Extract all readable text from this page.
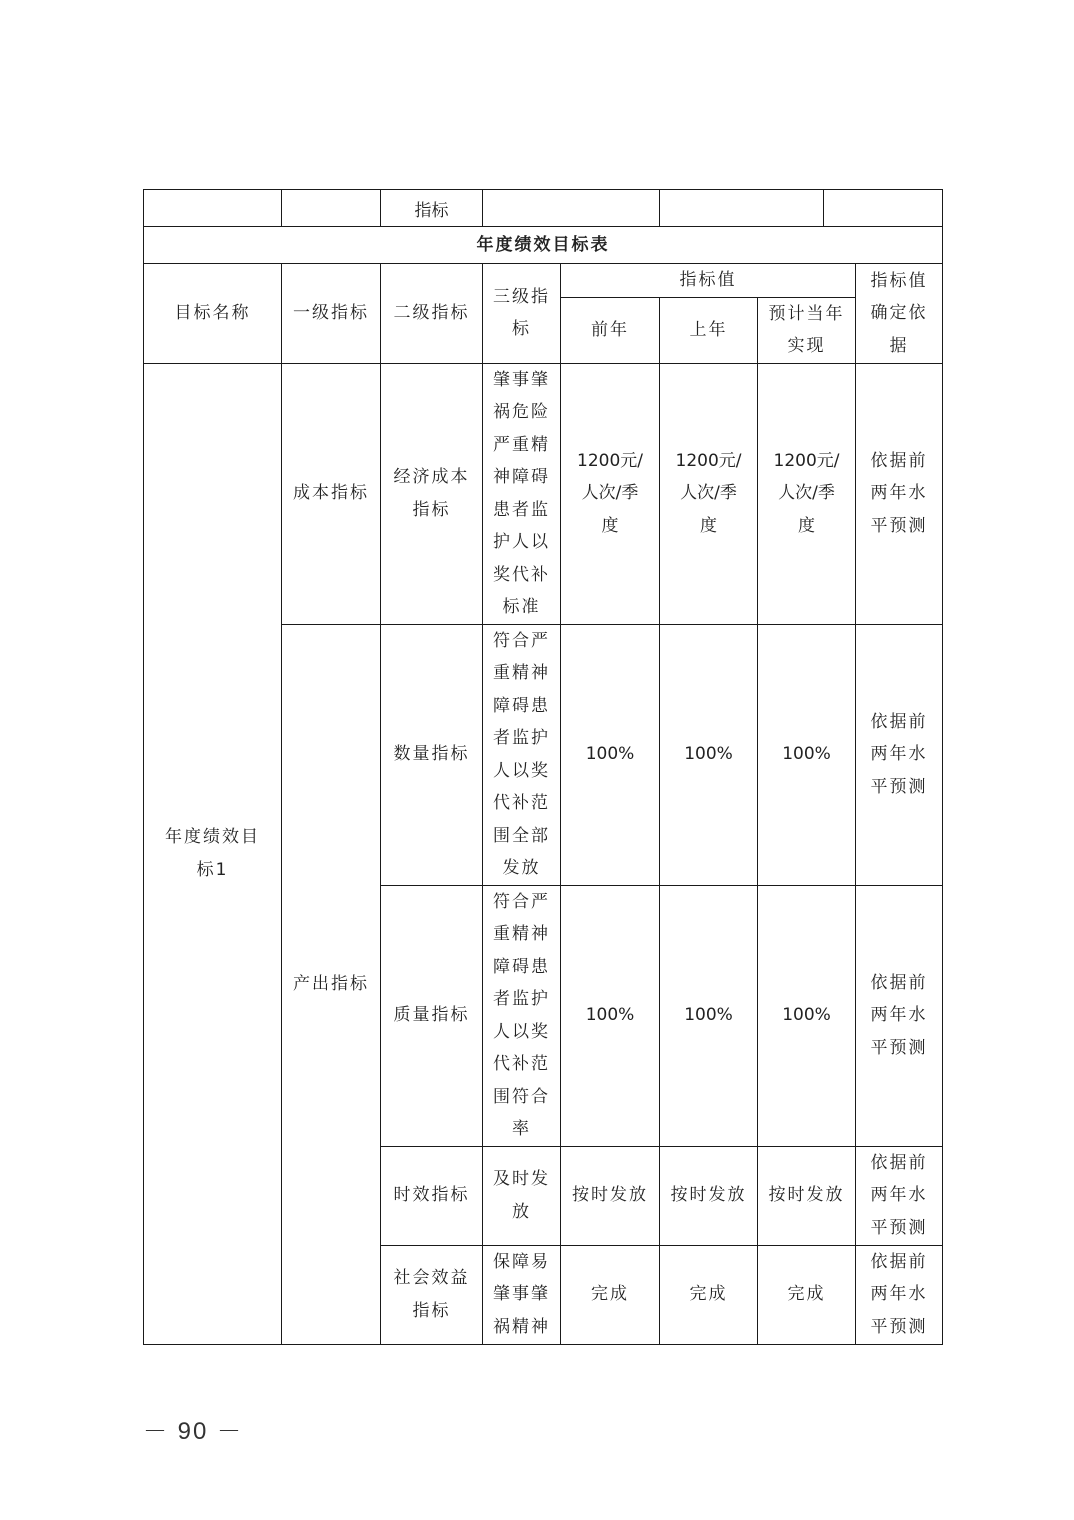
		指标			
年度绩效目标表							
目标名称	一级指标	二级指标	三级指标	指标值			指标值确定依据

				前年	上年	预计当年实现	

年度绩效目标1	成本指标	经济成本指标	肇事肇祸危险严重精神障碍患者监护人以奖代补标准	1200元/人次/季度	1200元/人次/季度	1200元/人次/季度	依据前两年水平预测

	产出指标	数量指标	符合严重精神障碍患者监护人以奖代补范围全部发放	100%	100%	100%	依据前两年水平预测

		质量指标	符合严重精神障碍患者监护人以奖代补范围符合率	100%	100%	100%	依据前两年水平预测

		时效指标	及时发放	按时发放	按时发放	按时发放	依据前两年水平预测

		社会效益指标	保障易肇事肇祸精神	完成	完成	完成	依据前两年水平预测
－ 90 －
